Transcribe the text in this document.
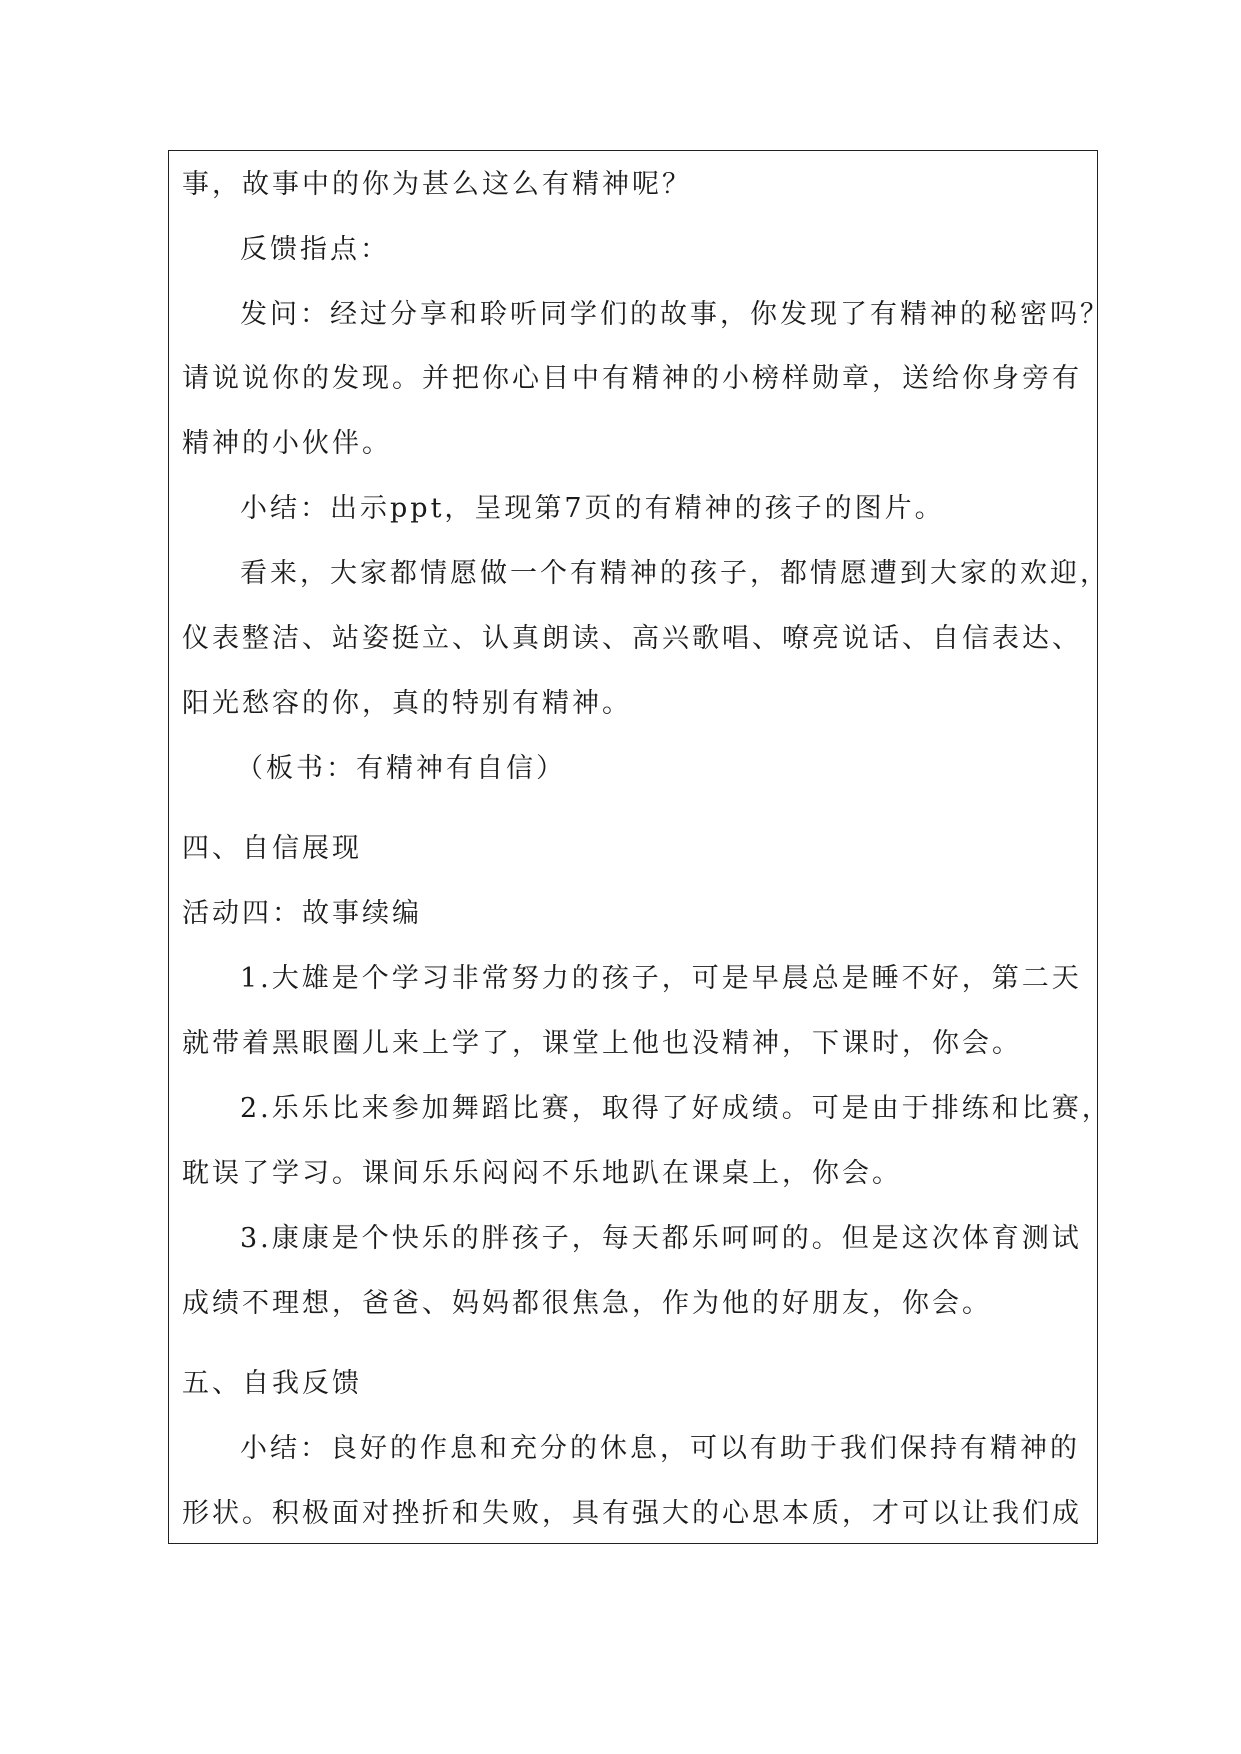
事，故事中的你为甚么这么有精神呢？
反馈指点：
发问：经过分享和聆听同学们的故事，你发现了有精神的秘密吗？
请说说你的发现。并把你心目中有精神的小榜样勋章，送给你身旁有
精神的小伙伴。
小结：出示ppt，呈现第7页的有精神的孩子的图片。
看来，大家都情愿做一个有精神的孩子，都情愿遭到大家的欢迎，
仪表整洁、站姿挺立、认真朗读、高兴歌唱、嘹亮说话、自信表达、
阳光愁容的你，真的特别有精神。
（板书：有精神有自信）
四、自信展现
活动四：故事续编
1.大雄是个学习非常努力的孩子，可是早晨总是睡不好，第二天
就带着黑眼圈儿来上学了，课堂上他也没精神，下课时，你会。
2.乐乐比来参加舞蹈比赛，取得了好成绩。可是由于排练和比赛，
耽误了学习。课间乐乐闷闷不乐地趴在课桌上，你会。
3.康康是个快乐的胖孩子，每天都乐呵呵的。但是这次体育测试
成绩不理想，爸爸、妈妈都很焦急，作为他的好朋友，你会。
五、自我反馈
小结：良好的作息和充分的休息，可以有助于我们保持有精神的
形状。积极面对挫折和失败，具有强大的心思本质，才可以让我们成
